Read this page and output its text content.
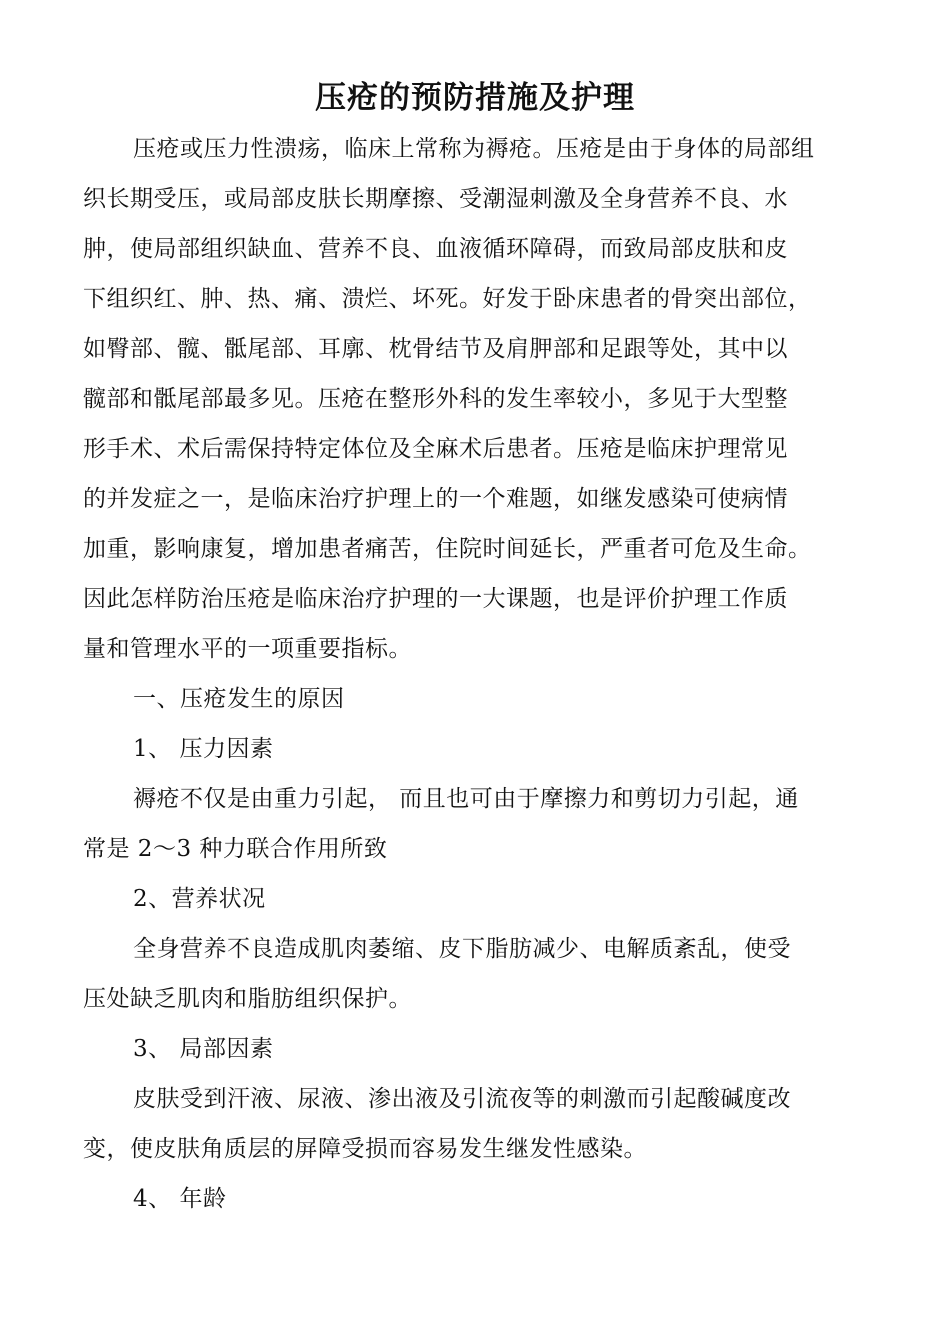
压疮的预防措施及护理

压疮或压力性溃疡，临床上常称为褥疮。压疮是由于身体的局部组

织长期受压，或局部皮肤长期摩擦、受潮湿刺激及全身营养不良、水

肿，使局部组织缺血、营养不良、血液循环障碍，而致局部皮肤和皮

下组织红、肿、热、痛、溃烂、坏死。好发于卧床患者的骨突出部位，

如臀部、髋、骶尾部、耳廓、枕骨结节及肩胛部和足跟等处，其中以

髋部和骶尾部最多见。压疮在整形外科的发生率较小，多见于大型整

形手术、术后需保持特定体位及全麻术后患者。压疮是临床护理常见

的并发症之一，是临床治疗护理上的一个难题，如继发感染可使病情

加重，影响康复，增加患者痛苦，住院时间延长，严重者可危及生命。

因此怎样防治压疮是临床治疗护理的一大课题，也是评价护理工作质

量和管理水平的一项重要指标。

一、压疮发生的原因

1、 压力因素

褥疮不仅是由重力引起， 而且也可由于摩擦力和剪切力引起，通

常是 2～3 种力联合作用所致

2、营养状况

全身营养不良造成肌肉萎缩、皮下脂肪减少、电解质紊乱，使受

压处缺乏肌肉和脂肪组织保护。

3、 局部因素

皮肤受到汗液、尿液、渗出液及引流夜等的刺激而引起酸碱度改

变，使皮肤角质层的屏障受损而容易发生继发性感染。

4、 年龄
